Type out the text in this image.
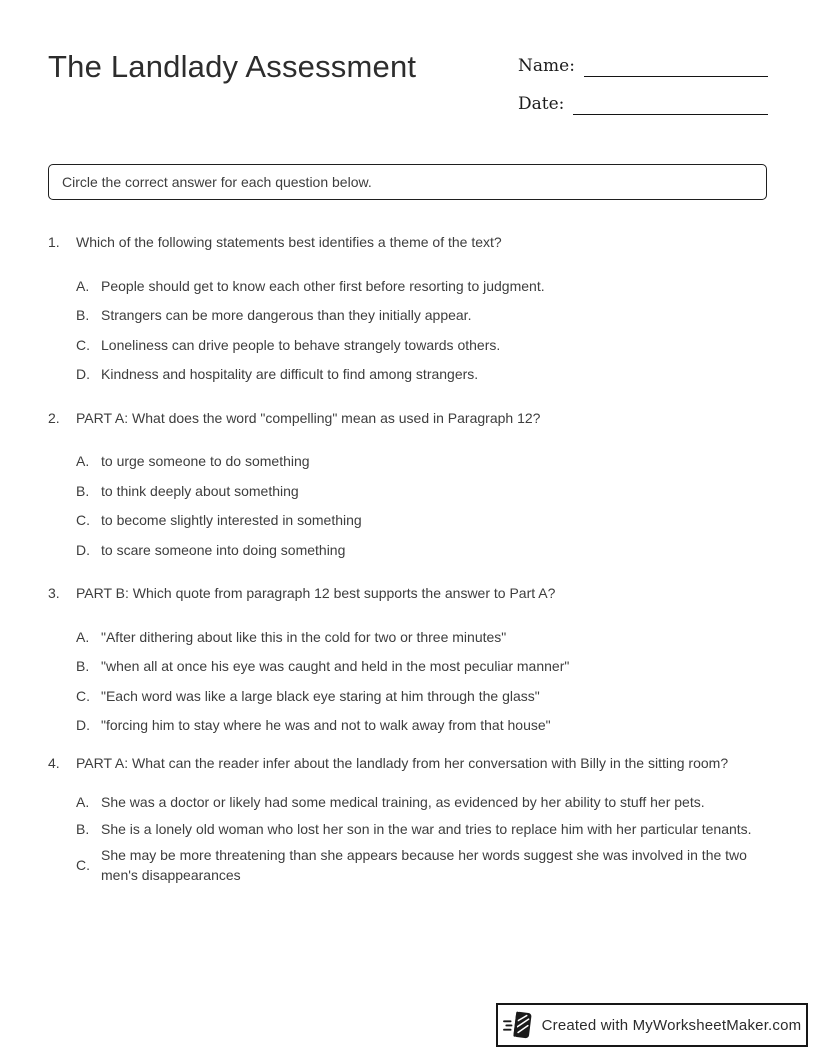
The Landlady Assessment	Name:
Date:
Circle the correct answer for each question below.
1.	Which of the following statements best identifies a theme of the text?
A. People should get to know each other first before resorting to judgment.
B. Strangers can be more dangerous than they initially appear.
C. Loneliness can drive people to behave strangely towards others.
D. Kindness and hospitality are difficult to find among strangers.
2.	PART A: What does the word "compelling" mean as used in Paragraph 12?
A. to urge someone to do something
B. to think deeply about something
C. to become slightly interested in something
D. to scare someone into doing something
3.	PART B: Which quote from paragraph 12 best supports the answer to Part A?
A. "After dithering about like this in the cold for two or three minutes"
B. "when all at once his eye was caught and held in the most peculiar manner"
C. "Each word was like a large black eye staring at him through the glass"
D. "forcing him to stay where he was and not to walk away from that house"
4.	PART A: What can the reader infer about the landlady from her conversation with Billy in the sitting room?
A. She was a doctor or likely had some medical training, as evidenced by her ability to stuff her pets.
B. She is a lonely old woman who lost her son in the war and tries to replace him with her particular tenants.
C.
She may be more threatening than she appears because her words suggest she was involved in the two men's disappearances
Created with MyWorksheetMaker.com
